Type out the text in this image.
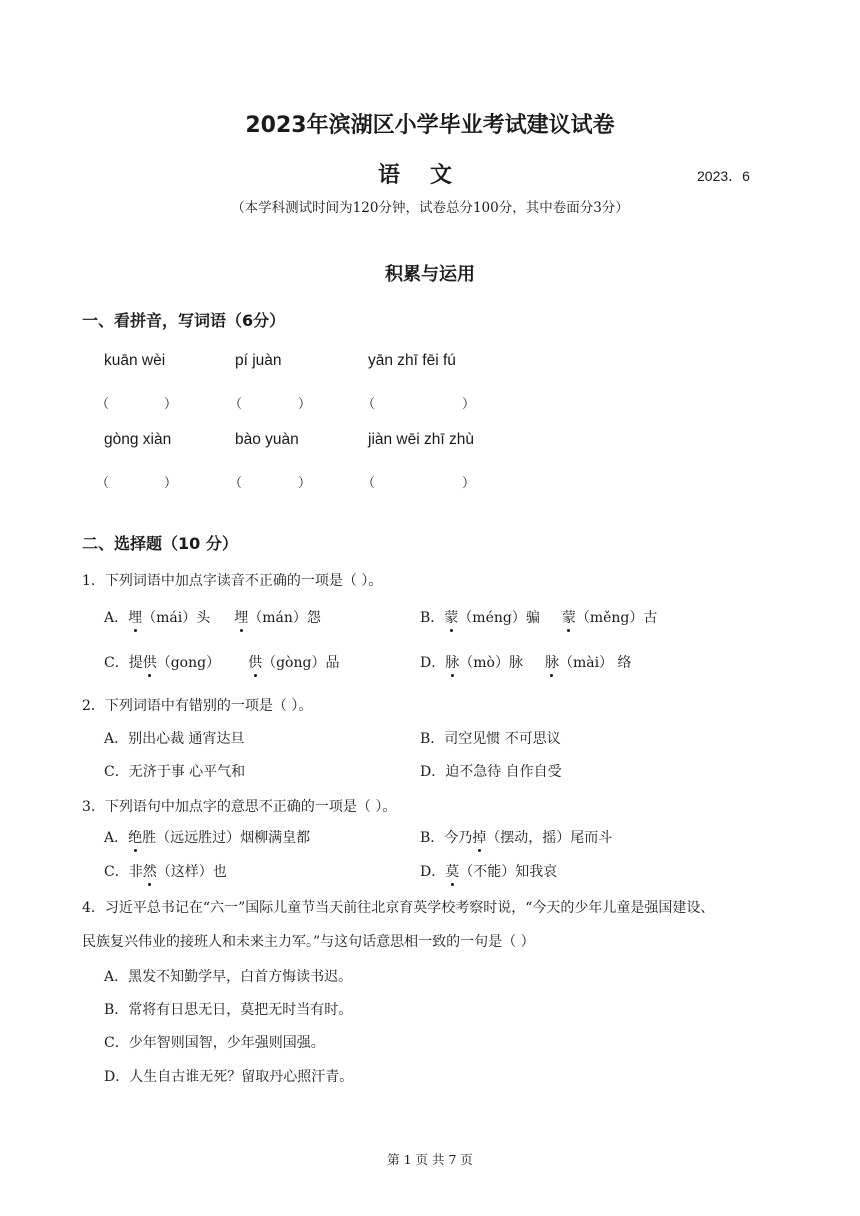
2023年滨湖区小学毕业考试建议试卷
语 文	2023．6
（本学科测试时间为120分钟，试卷总分100分，其中卷面分3分）
积累与运用
一、看拼音，写词语（6分）
kuān wèi	pí juàn	yān zhī fēi fú
（	）	（	）	（	）
gòng xiàn	bào yuàn	jiàn wēi zhī zhù
（	）	（	）	（	）
二、选择题（10 分）
1．下列词语中加点字读音不正确的一项是（ ）。
A．埋（mái）头 埋（mán）怨	B．蒙（méng）骗 蒙（měng）古
C．提供（gong） 供（gòng）品	D．脉（mò）脉 脉（mài） 络
2．下列词语中有错别的一项是（ ）。
A．别出心裁 通宵达旦	B．司空见惯 不可思议
C．无济于事 心平气和	D．迫不急待 自作自受
3．下列语句中加点字的意思不正确的一项是（ ）。
A．绝胜（远远胜过）烟柳满皇都	B．今乃掉（摆动，摇）尾而斗
C．非然（这样）也	D．莫（不能）知我哀
4．习近平总书记在“六一”国际儿童节当天前往北京育英学校考察时说，“今天的少年儿童是强国建设、
民族复兴伟业的接班人和未来主力军。”与这句话意思相一致的一句是（ ）
A．黑发不知勤学早，白首方悔读书迟。
B．常将有日思无日，莫把无时当有时。
C．少年智则国智，少年强则国强。
D．人生自古谁无死？留取丹心照汗青。
第 1 页 共 7 页
